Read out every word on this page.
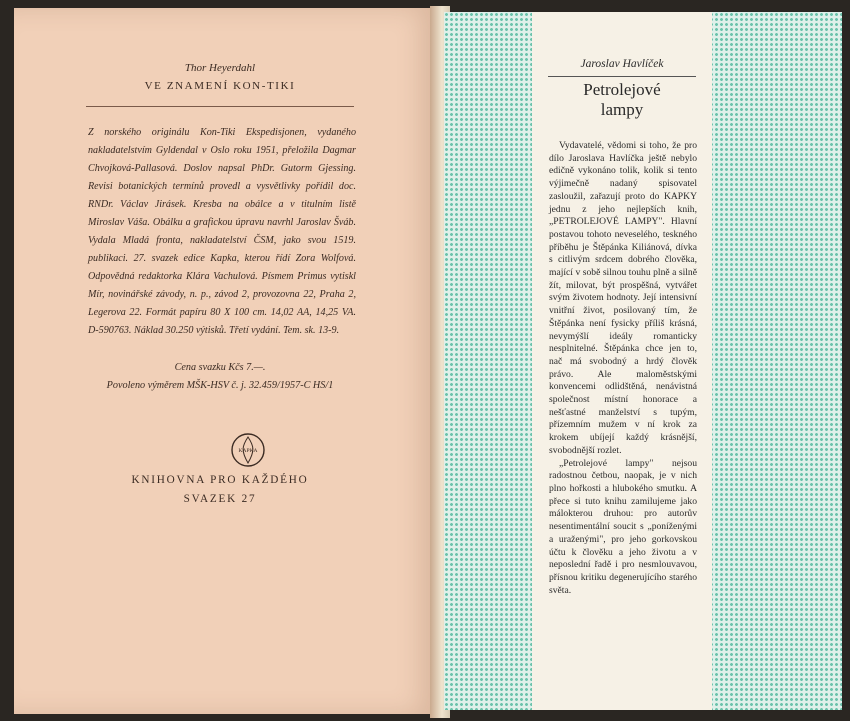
Thor Heyerdahl
VE ZNAMENÍ KON-TIKI
Z norského originálu Kon-Tiki Ekspedisjonen, vydaného nakladatelstvím Gyldendal v Oslo roku 1951, přeložila Dagmar Chvojková-Pallasová. Doslov napsal PhDr. Gutorm Gjessing. Revisi botanických termínů provedl a vysvětlivky pořídil doc. RNDr. Václav Jirásek. Kresba na obálce a v titulním listě Miroslav Váša. Obálku a grafickou úpravu navrhl Jaroslav Šváb. Vydala Mladá fronta, nakladatelství ČSM, jako svou 1519. publikaci. 27. svazek edice Kapka, kterou řídí Zora Wolfová. Odpovědná redaktorka Klára Vachulová. Písmem Primus vytiskl Mír, novinářské závody, n. p., závod 2, provozovna 22, Praha 2, Legerova 22. Formát papíru 80 X 100 cm. 14,02 AA, 14,25 VA. D-590763. Náklad 30.250 výtisků. Třetí vydání. Tem. sk. 13-9.
Cena svazku Kčs 7.—.
Povoleno výměrem MŠK-HSV č. j. 32.459/1957-C HS/1
KAPKA
KNIHOVNA PRO KAŽDÉHO
SVAZEK 27
Jaroslav Havlíček
Petrolejové
lampy

Vydavatelé, vědomi si toho, že pro dílo Jaroslava Havlíčka ještě nebylo edičně vykonáno tolik, kolik si tento výjimečně nadaný spisovatel zasloužil, zařazují proto do KAPKY jednu z jeho nejlepších knih, „PETROLEJOVÉ LAMPY". Hlavní postavou tohoto neveselého, teskného příběhu je Štěpánka Kiliánová, dívka s citlivým srdcem dobrého člověka, mající v sobě silnou touhu plně a silně žít, milovat, být prospěšná, vytvářet svým životem hodnoty. Její intensivní vnitřní život, posilovaný tím, že Štěpánka není fysicky příliš krásná, nevymýšlí ideály romanticky nesplnitelné. Štěpánka chce jen to, nač má svobodný a hrdý člověk právo. Ale maloměstskými konvencemi odlidštěná, nenávistná společnost místní honorace a nešťastné manželství s tupým, přízemním mužem v ní krok za krokem ubíjejí každý krásnější, svobodnější rozlet.

„Petrolejové lampy" nejsou radostnou četbou, naopak, je v nich plno hořkosti a hlubokého smutku. A přece si tuto knihu zamilujeme jako málokterou druhou: pro autorův nesentimentální soucit s „poníženými a uraženými", pro jeho gorkovskou účtu k člověku a jeho životu a v neposlední řadě i pro nesmlouvavou, přísnou kritiku degenerujícího starého světa.
